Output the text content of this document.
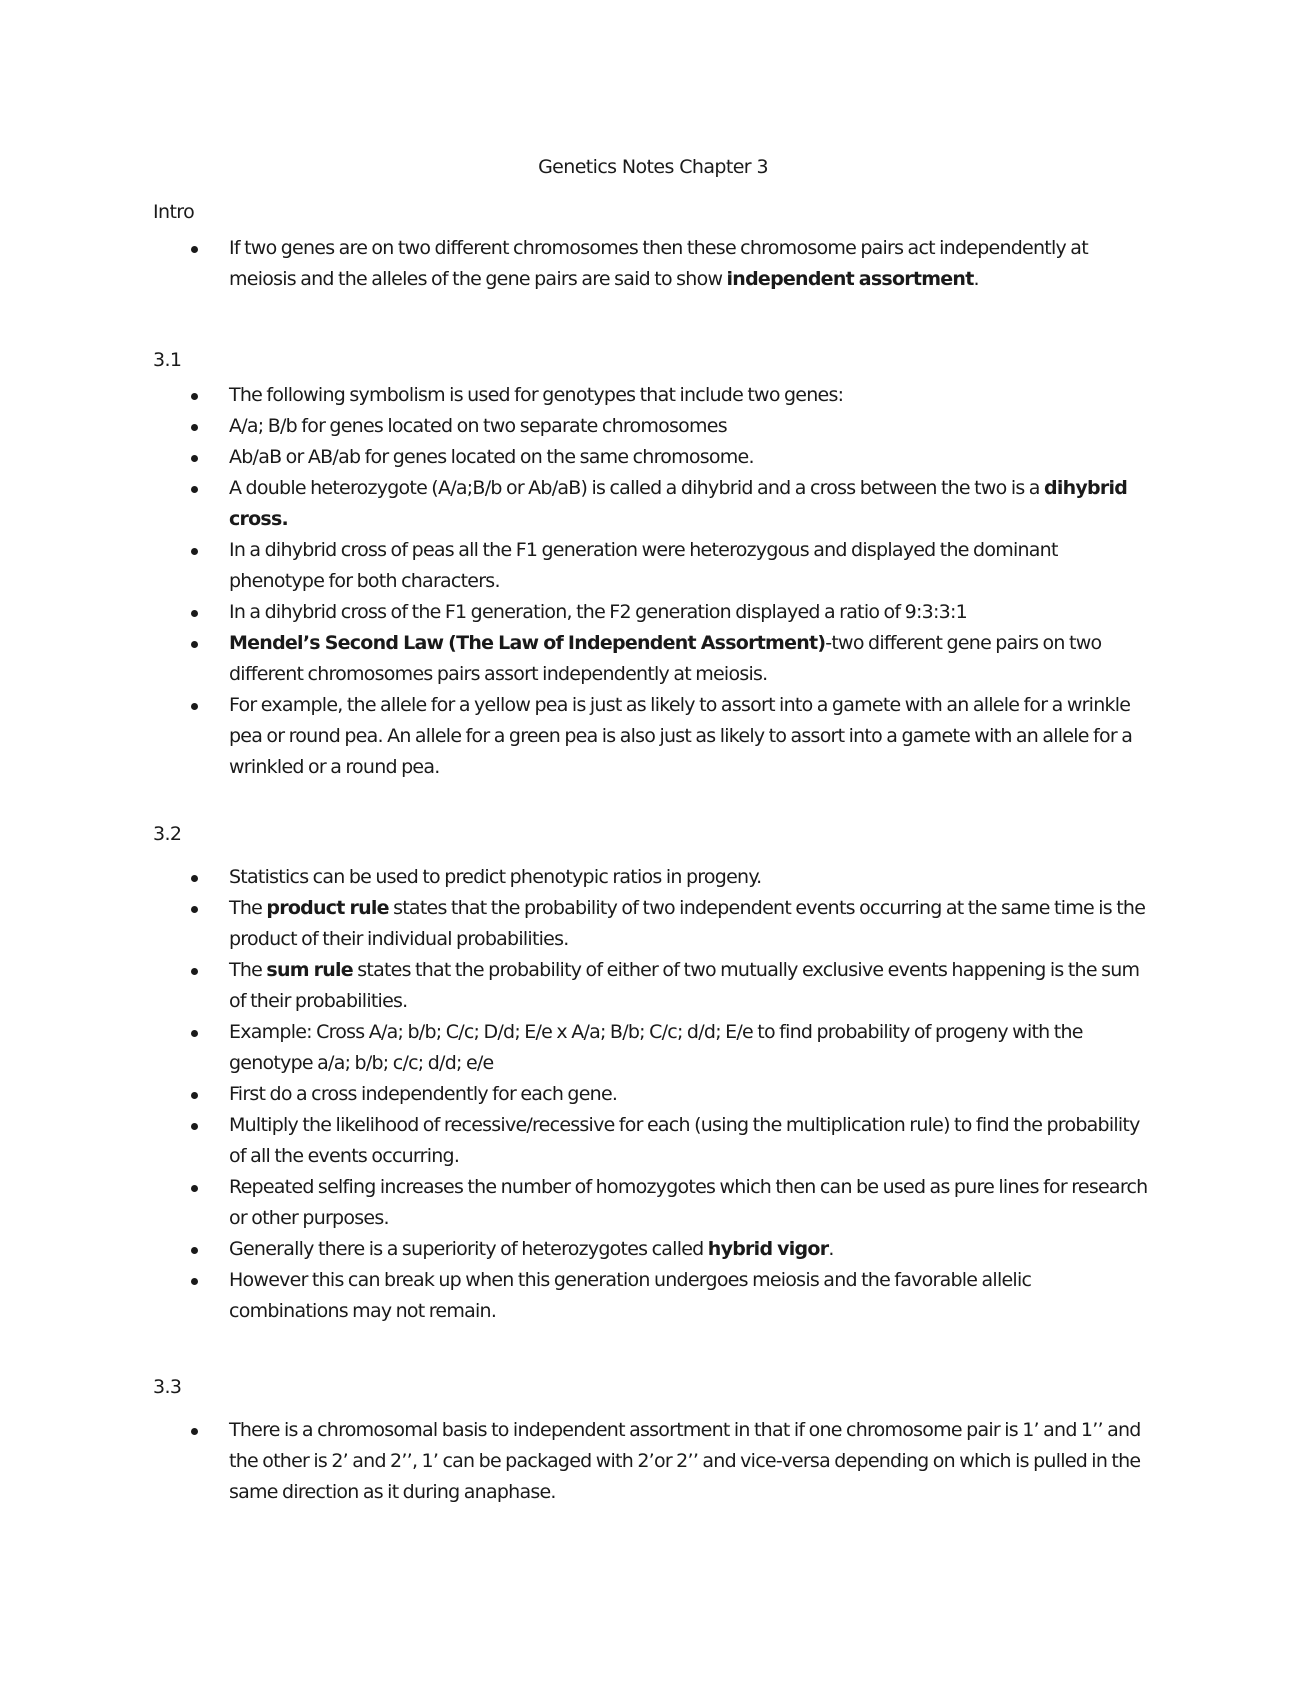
Genetics Notes Chapter 3
Intro
If two genes are on two different chromosomes then these chromosome pairs act independently at meiosis and the alleles of the gene pairs are said to show independent assortment.
3.1
The following symbolism is used for genotypes that include two genes:
A/a; B/b for genes located on two separate chromosomes
Ab/aB or AB/ab for genes located on the same chromosome.
A double heterozygote (A/a;B/b or Ab/aB) is called a dihybrid and a cross between the two is a dihybrid cross.
In a dihybrid cross of peas all the F1 generation were heterozygous and displayed the dominant phenotype for both characters.
In a dihybrid cross of the F1 generation, the F2 generation displayed a ratio of 9:3:3:1
Mendel’s Second Law (The Law of Independent Assortment)-two different gene pairs on two different chromosomes pairs assort independently at meiosis.
For example, the allele for a yellow pea is just as likely to assort into a gamete with an allele for a wrinkle pea or round pea. An allele for a green pea is also just as likely to assort into a gamete with an allele for a wrinkled or a round pea.
3.2
Statistics can be used to predict phenotypic ratios in progeny.
The product rule states that the probability of two independent events occurring at the same time is the product of their individual probabilities.
The sum rule states that the probability of either of two mutually exclusive events happening is the sum of their probabilities.
Example: Cross A/a; b/b; C/c; D/d; E/e x A/a; B/b; C/c; d/d; E/e to find probability of progeny with the genotype a/a; b/b; c/c; d/d; e/e
First do a cross independently for each gene.
Multiply the likelihood of recessive/recessive for each (using the multiplication rule) to find the probability of all the events occurring.
Repeated selfing increases the number of homozygotes which then can be used as pure lines for research or other purposes.
Generally there is a superiority of heterozygotes called hybrid vigor.
However this can break up when this generation undergoes meiosis and the favorable allelic combinations may not remain.
3.3
There is a chromosomal basis to independent assortment in that if one chromosome pair is 1’ and 1’’ and the other is 2’ and 2’’, 1’ can be packaged with 2’or 2’’ and vice-versa depending on which is pulled in the same direction as it during anaphase.
